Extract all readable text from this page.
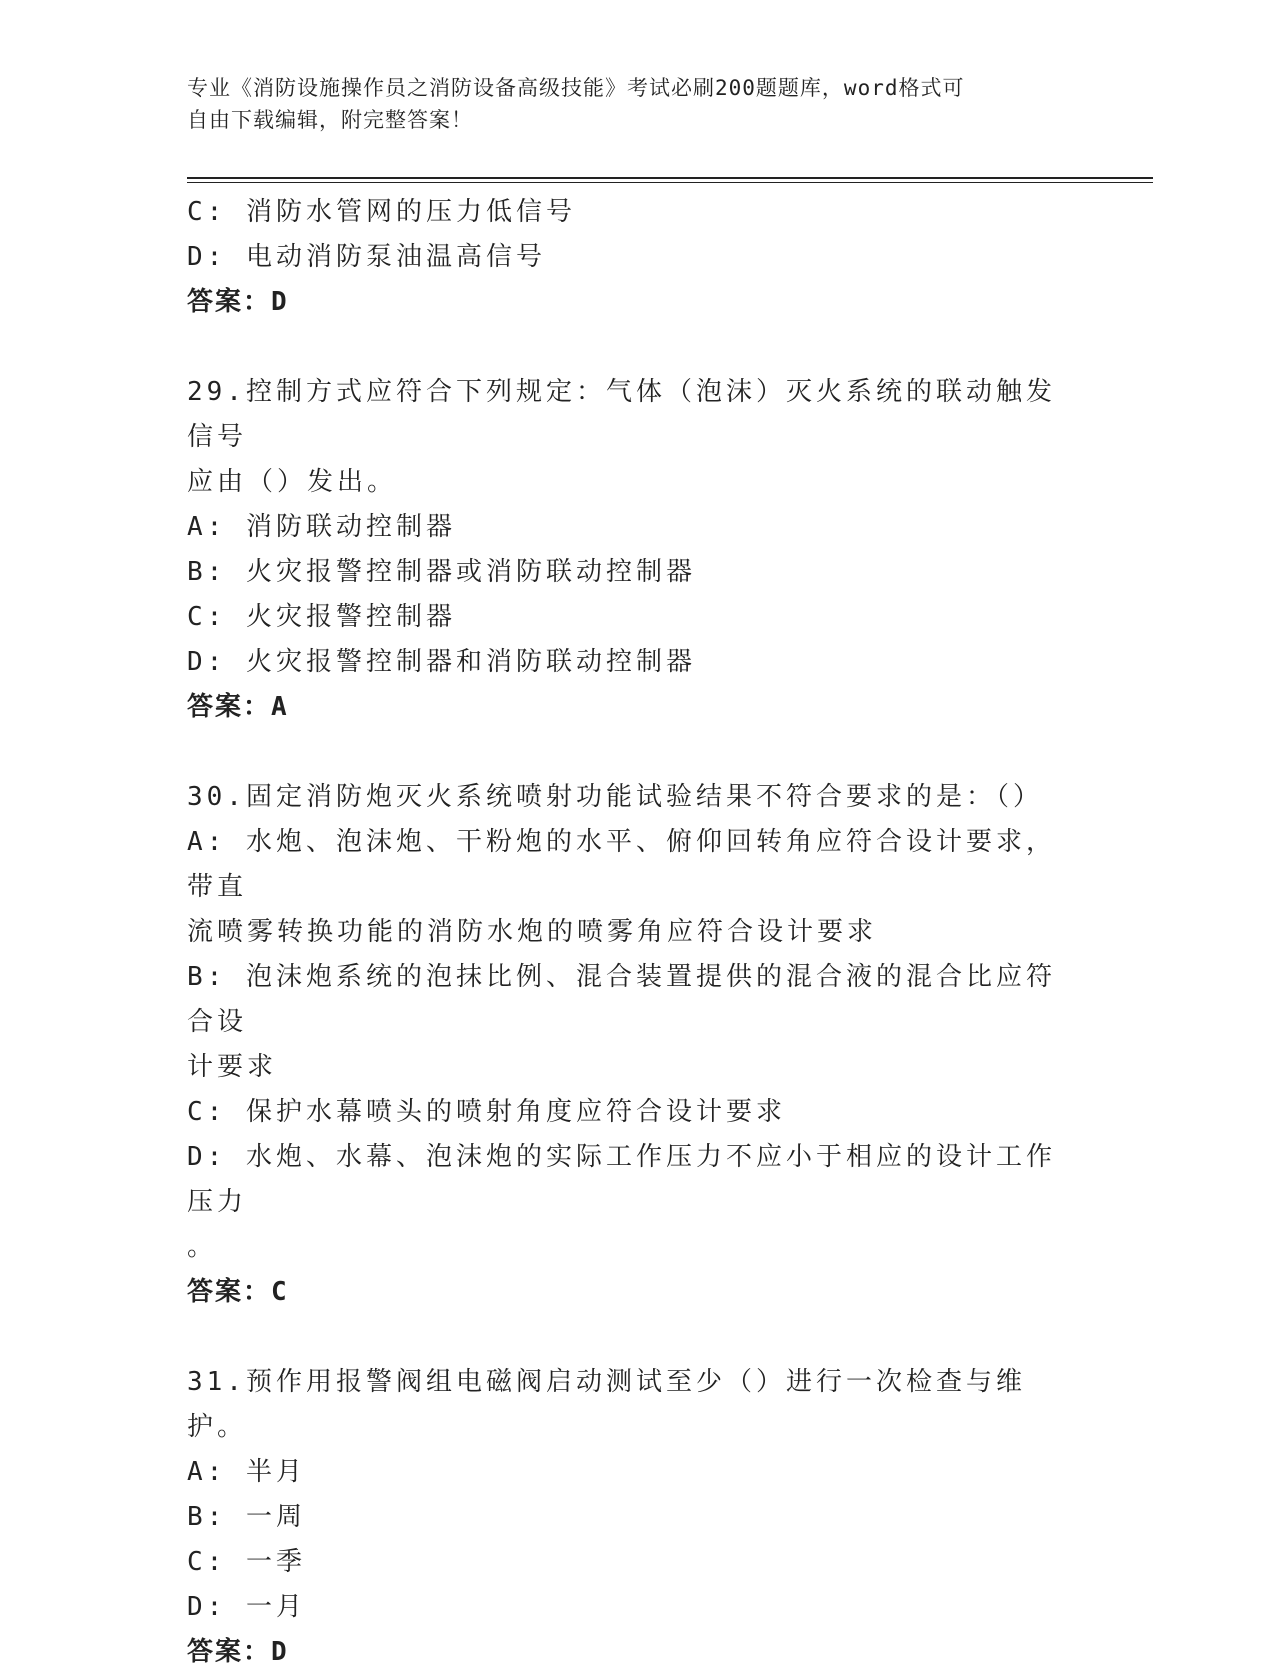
专业《消防设施操作员之消防设备高级技能》考试必刷200题题库，word格式可
自由下载编辑，附完整答案！
C: 消防水管网的压力低信号
D: 电动消防泵油温高信号
答案：D
29.控制方式应符合下列规定：气体（泡沫）灭火系统的联动触发信号
应由（）发出。
A: 消防联动控制器
B: 火灾报警控制器或消防联动控制器
C: 火灾报警控制器
D: 火灾报警控制器和消防联动控制器
答案：A
30.固定消防炮灭火系统喷射功能试验结果不符合要求的是：（）
A: 水炮、泡沫炮、干粉炮的水平、俯仰回转角应符合设计要求，带直
流喷雾转换功能的消防水炮的喷雾角应符合设计要求
B: 泡沫炮系统的泡抹比例、混合装置提供的混合液的混合比应符合设
计要求
C: 保护水幕喷头的喷射角度应符合设计要求
D: 水炮、水幕、泡沫炮的实际工作压力不应小于相应的设计工作压力
。
答案：C
31.预作用报警阀组电磁阀启动测试至少（）进行一次检查与维护。
A: 半月
B: 一周
C: 一季
D: 一月
答案：D
